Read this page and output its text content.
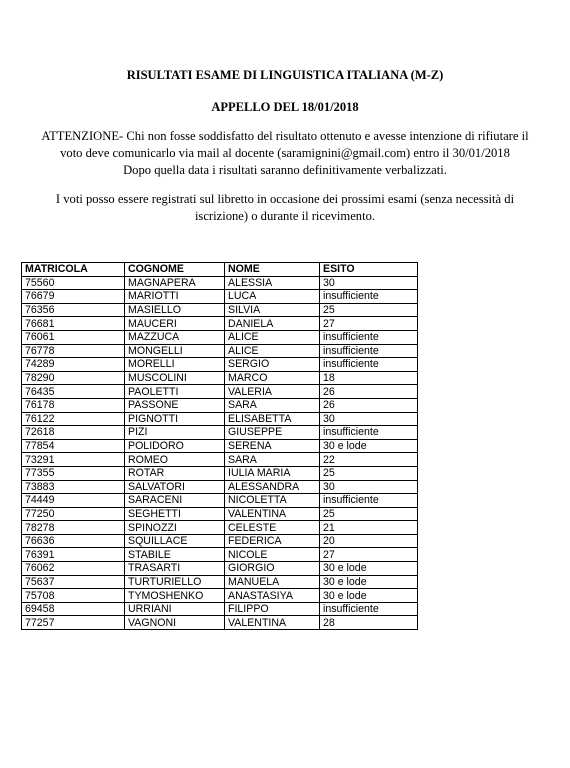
RISULTATI ESAME DI LINGUISTICA ITALIANA (M-Z)
APPELLO DEL 18/01/2018
ATTENZIONE- Chi non fosse soddisfatto del risultato ottenuto e avesse intenzione di rifiutare il
voto deve comunicarlo via mail al docente (saramignini@gmail.com) entro il 30/01/2018
Dopo quella data i risultati saranno definitivamente verbalizzati.
I voti posso essere registrati sul libretto in occasione dei prossimi esami (senza necessità di
iscrizione) o durante il ricevimento.
MATRICOLA	COGNOME	NOME	ESITO
75560	MAGNAPERA	ALESSIA	30
76679	MARIOTTI	LUCA	insufficiente
76356	MASIELLO	SILVIA	25
76681	MAUCERI	DANIELA	27
76061	MAZZUCA	ALICE	insufficiente
76778	MONGELLI	ALICE	insufficiente
74289	MORELLI	SERGIO	insufficiente
78290	MUSCOLINI	MARCO	18
76435	PAOLETTI	VALERIA	26
76178	PASSONE	SARA	26
76122	PIGNOTTI	ELISABETTA	30
72618	PIZI	GIUSEPPE	insufficiente
77854	POLIDORO	SERENA	30 e lode
73291	ROMEO	SARA	22
77355	ROTAR	IULIA MARIA	25
73883	SALVATORI	ALESSANDRA	30
74449	SARACENI	NICOLETTA	insufficiente
77250	SEGHETTI	VALENTINA	25
78278	SPINOZZI	CELESTE	21
76636	SQUILLACE	FEDERICA	20
76391	STABILE	NICOLE	27
76062	TRASARTI	GIORGIO	30 e lode
75637	TURTURIELLO	MANUELA	30 e lode
75708	TYMOSHENKO	ANASTASIYA	30 e lode
69458	URRIANI	FILIPPO	insufficiente
77257	VAGNONI	VALENTINA	28
